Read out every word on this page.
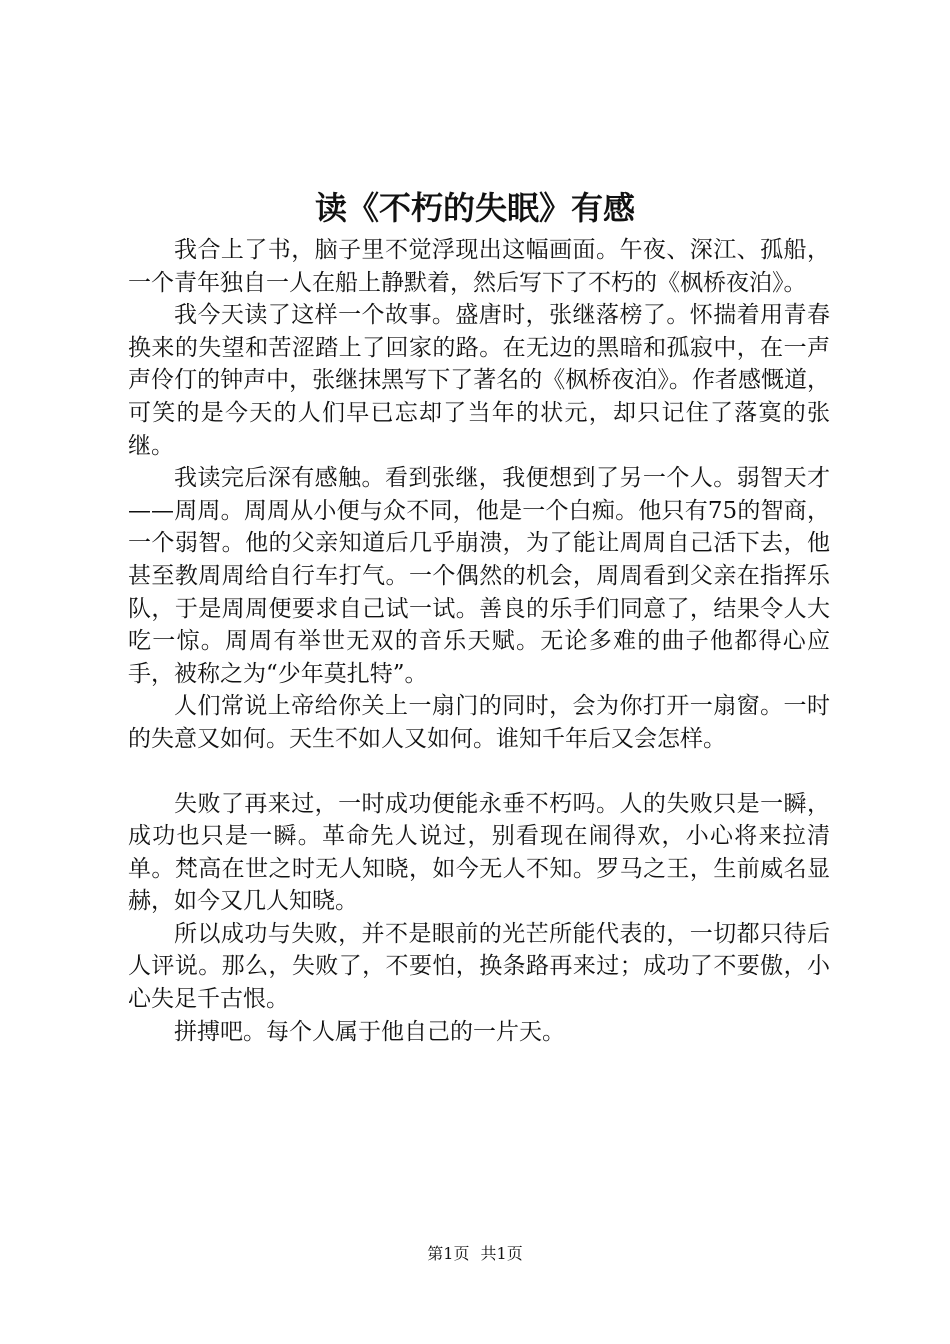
读《不朽的失眠》有感

我合上了书，脑子里不觉浮现出这幅画面。午夜、深江、孤船，一个青年独自一人在船上静默着，然后写下了不朽的《枫桥夜泊》。

我今天读了这样一个故事。盛唐时，张继落榜了。怀揣着用青春换来的失望和苦涩踏上了回家的路。在无边的黑暗和孤寂中，在一声声伶仃的钟声中，张继抹黑写下了著名的《枫桥夜泊》。作者感慨道，可笑的是今天的人们早已忘却了当年的状元，却只记住了落寞的张继。

我读完后深有感触。看到张继，我便想到了另一个人。弱智天才——周周。周周从小便与众不同，他是一个白痴。他只有75的智商，一个弱智。他的父亲知道后几乎崩溃，为了能让周周自己活下去，他甚至教周周给自行车打气。一个偶然的机会，周周看到父亲在指挥乐队，于是周周便要求自己试一试。善良的乐手们同意了，结果令人大吃一惊。周周有举世无双的音乐天赋。无论多难的曲子他都得心应手，被称之为“少年莫扎特”。

人们常说上帝给你关上一扇门的同时，会为你打开一扇窗。一时的失意又如何。天生不如人又如何。谁知千年后又会怎样。

失败了再来过，一时成功便能永垂不朽吗。人的失败只是一瞬，成功也只是一瞬。革命先人说过，别看现在闹得欢，小心将来拉清单。梵高在世之时无人知晓，如今无人不知。罗马之王，生前威名显赫，如今又几人知晓。

所以成功与失败，并不是眼前的光芒所能代表的，一切都只待后人评说。那么，失败了，不要怕，换条路再来过；成功了不要傲，小心失足千古恨。

拼搏吧。每个人属于他自己的一片天。

第1页 共1页
